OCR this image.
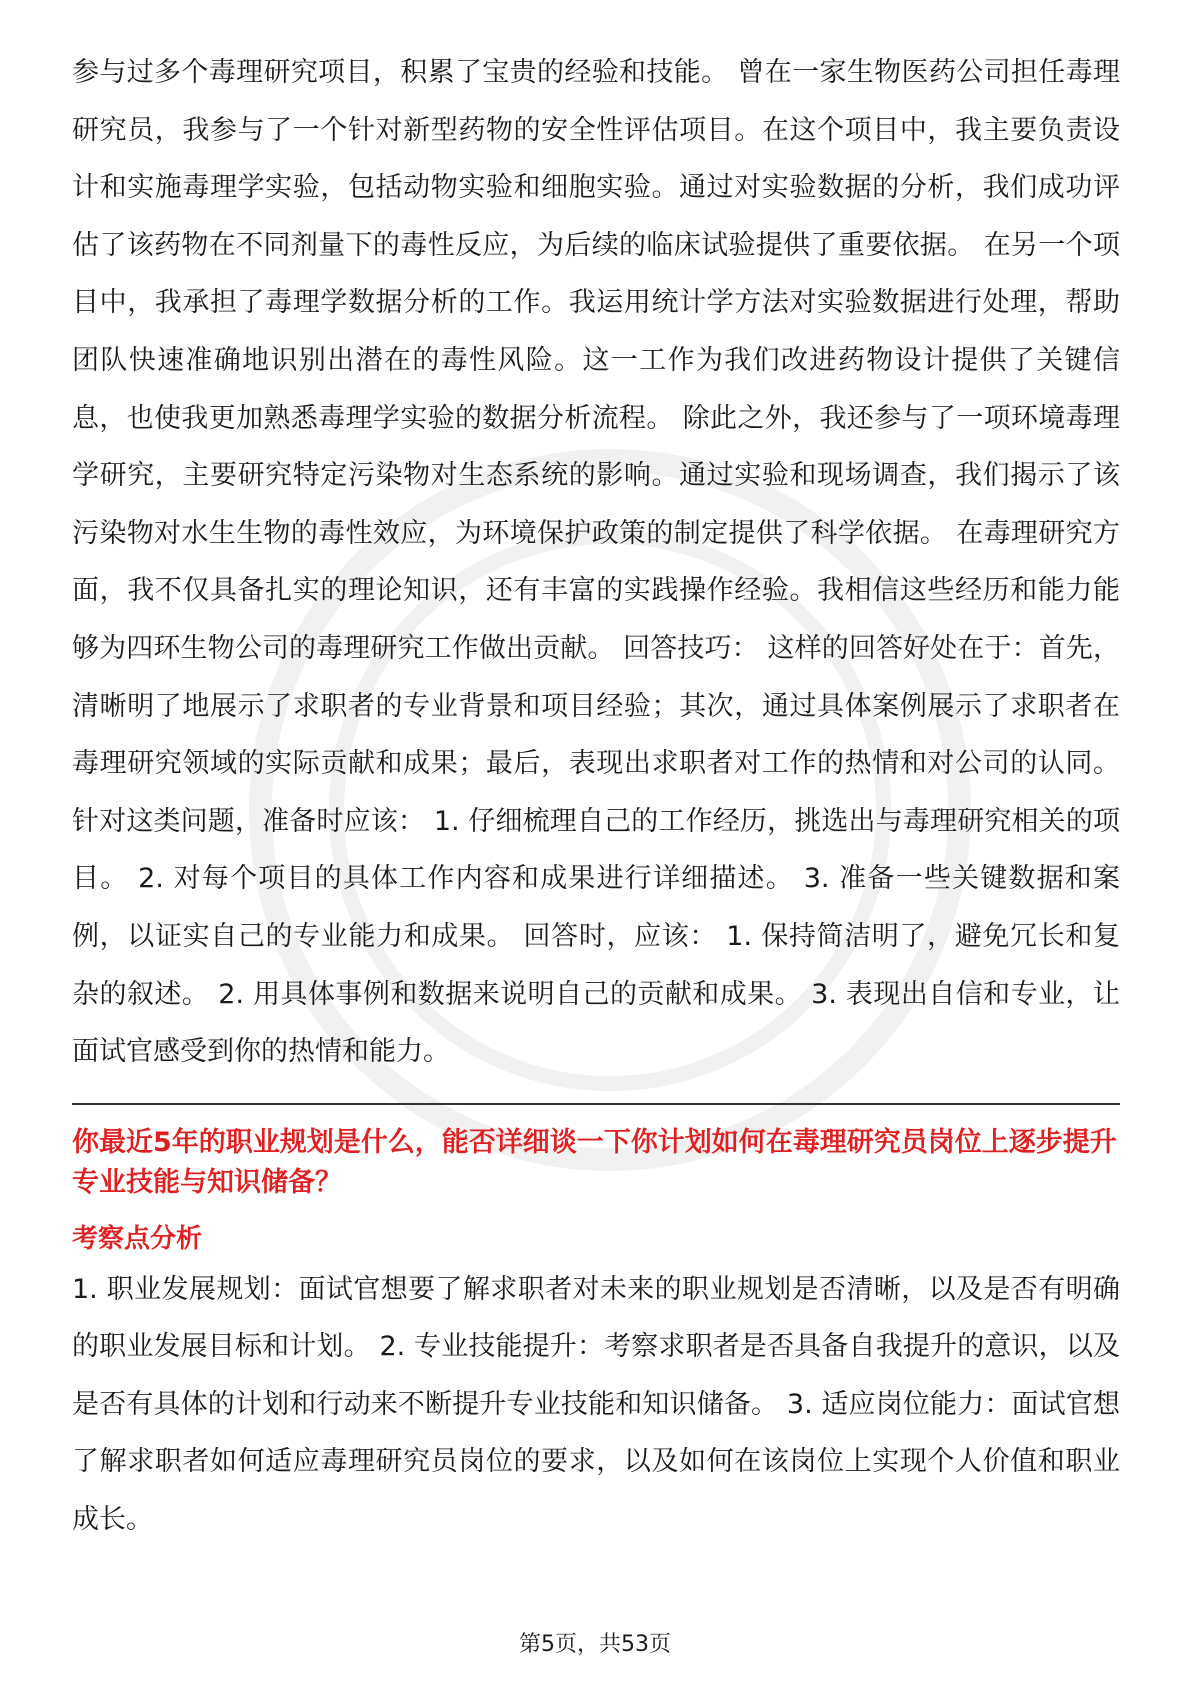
参与过多个毒理研究项目，积累了宝贵的经验和技能。 曾在一家生物医药公司担任毒理研究员，我参与了一个针对新型药物的安全性评估项目。在这个项目中，我主要负责设计和实施毒理学实验，包括动物实验和细胞实验。通过对实验数据的分析，我们成功评估了该药物在不同剂量下的毒性反应，为后续的临床试验提供了重要依据。 在另一个项目中，我承担了毒理学数据分析的工作。我运用统计学方法对实验数据进行处理，帮助团队快速准确地识别出潜在的毒性风险。这一工作为我们改进药物设计提供了关键信息，也使我更加熟悉毒理学实验的数据分析流程。 除此之外，我还参与了一项环境毒理学研究，主要研究特定污染物对生态系统的影响。通过实验和现场调查，我们揭示了该污染物对水生生物的毒性效应，为环境保护政策的制定提供了科学依据。 在毒理研究方面，我不仅具备扎实的理论知识，还有丰富的实践操作经验。我相信这些经历和能力能够为四环生物公司的毒理研究工作做出贡献。 回答技巧： 这样的回答好处在于：首先，清晰明了地展示了求职者的专业背景和项目经验；其次，通过具体案例展示了求职者在毒理研究领域的实际贡献和成果；最后，表现出求职者对工作的热情和对公司的认同。 针对这类问题，准备时应该： 1. 仔细梳理自己的工作经历，挑选出与毒理研究相关的项目。 2. 对每个项目的具体工作内容和成果进行详细描述。 3. 准备一些关键数据和案例，以证实自己的专业能力和成果。 回答时，应该： 1. 保持简洁明了，避免冗长和复杂的叙述。 2. 用具体事例和数据来说明自己的贡献和成果。 3. 表现出自信和专业，让面试官感受到你的热情和能力。

你最近5年的职业规划是什么，能否详细谈一下你计划如何在毒理研究员岗位上逐步提升专业技能与知识储备？

考察点分析

1. 职业发展规划：面试官想要了解求职者对未来的职业规划是否清晰，以及是否有明确的职业发展目标和计划。 2. 专业技能提升：考察求职者是否具备自我提升的意识，以及是否有具体的计划和行动来不断提升专业技能和知识储备。 3. 适应岗位能力：面试官想了解求职者如何适应毒理研究员岗位的要求，以及如何在该岗位上实现个人价值和职业成长。

第5页，共53页
